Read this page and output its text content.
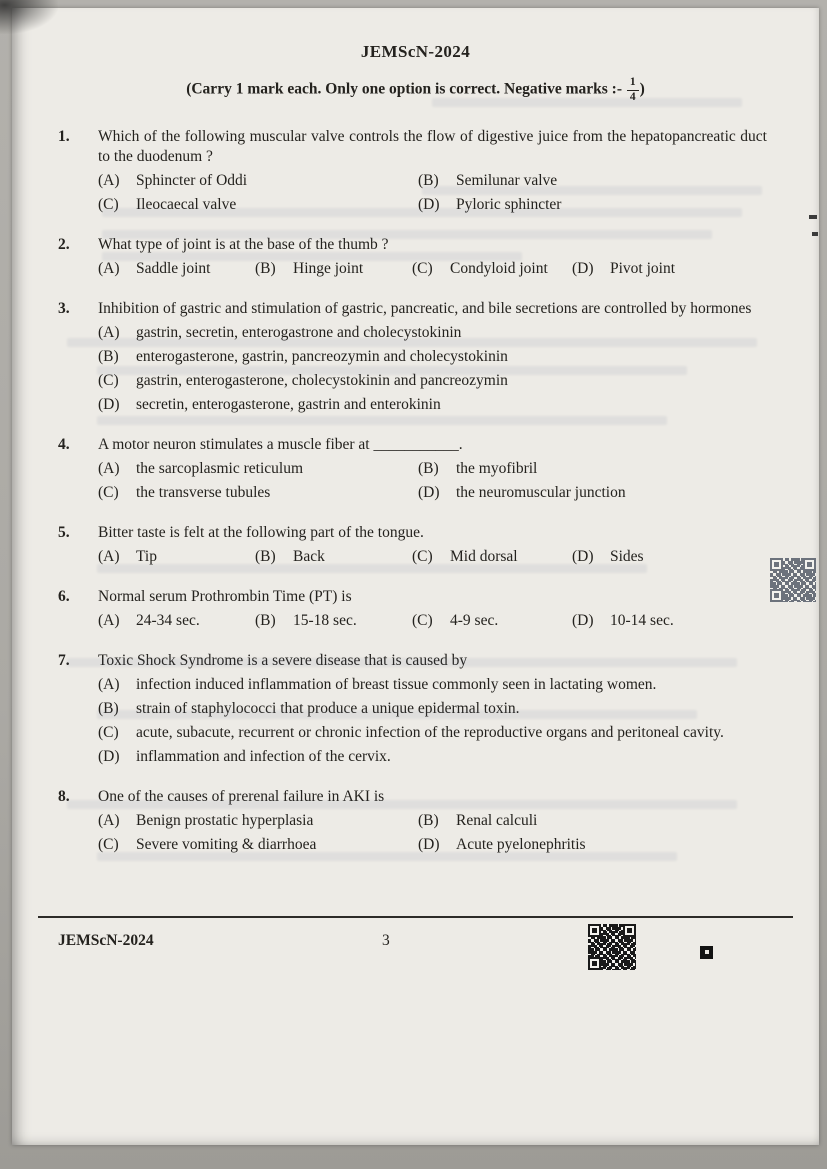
JEMScN-2024

(Carry 1 mark each. Only one option is correct. Negative marks :- $\frac{1}{4}$ )

1.	Which of the following muscular valve controls the flow of digestive juice from the hepatopancreatic duct to the duodenum ?

(A)	Sphincter of Oddi	(B)	Semilunar valve
(C)	Ileocaecal valve	(D)	Pyloric sphincter
2.	What type of joint is at the base of the thumb ?

(A)	Saddle joint	(B)	Hinge joint	(C)	Condyloid joint	(D)	Pivot joint
3.	Inhibition of gastric and stimulation of gastric, pancreatic, and bile secretions are controlled by hormones

(A)	gastrin, secretin, enterogastrone and cholecystokinin
(B)	enterogasterone, gastrin, pancreozymin and cholecystokinin
(C)	gastrin, enterogasterone, cholecystokinin and pancreozymin
(D)	secretin, enterogasterone, gastrin and enterokinin
4.	A motor neuron stimulates a muscle fiber at ___________.

(A)	the sarcoplasmic reticulum	(B)	the myofibril
(C)	the transverse tubules	(D)	the neuromuscular junction
5.	Bitter taste is felt at the following part of the tongue.

(A)	Tip	(B)	Back	(C)	Mid dorsal	(D)	Sides
6.	Normal serum Prothrombin Time (PT) is

(A)	24-34 sec.	(B)	15-18 sec.	(C)	4-9 sec.	(D)	10-14 sec.
7.	Toxic Shock Syndrome is a severe disease that is caused by

(A)	infection induced inflammation of breast tissue commonly seen in lactating women.
(B)	strain of staphylococci that produce a unique epidermal toxin.
(C)	acute, subacute, recurrent or chronic infection of the reproductive organs and peritoneal cavity.
(D)	inflammation and infection of the cervix.
8.	One of the causes of prerenal failure in AKI is

(A)	Benign prostatic hyperplasia	(B)	Renal calculi
(C)	Severe vomiting & diarrhoea	(D)	Acute pyelonephritis
JEMScN-2024	3
